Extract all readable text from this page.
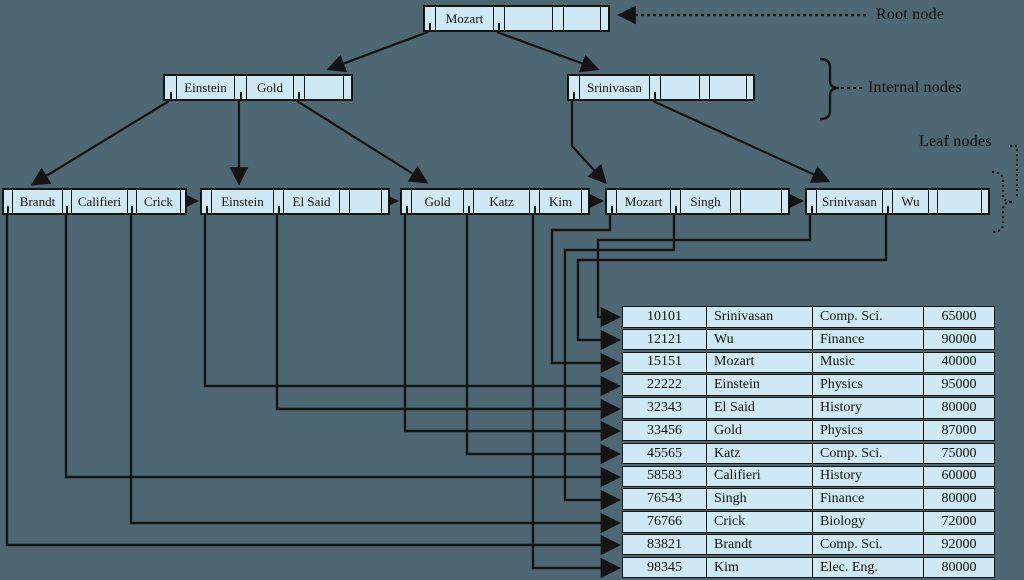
Root node
Internal nodes
Leaf nodes
Mozart
Einstein	Gold	Srinivasan
Brandt	Califieri	Crick	Einstein	El Said	Gold	Katz	Kim	Mozart	Singh	Srinivasan	Wu
10101	Srinivasan	Comp. Sci.	65000
12121	Wu	Finance	90000
15151	Mozart	Music	40000
22222	Einstein	Physics	95000
32343	El Said	History	80000
33456	Gold	Physics	87000
45565	Katz	Comp. Sci.	75000
58583	Califieri	History	60000
76543	Singh	Finance	80000
76766	Crick	Biology	72000
83821	Brandt	Comp. Sci.	92000
98345	Kim	Elec. Eng.	80000
